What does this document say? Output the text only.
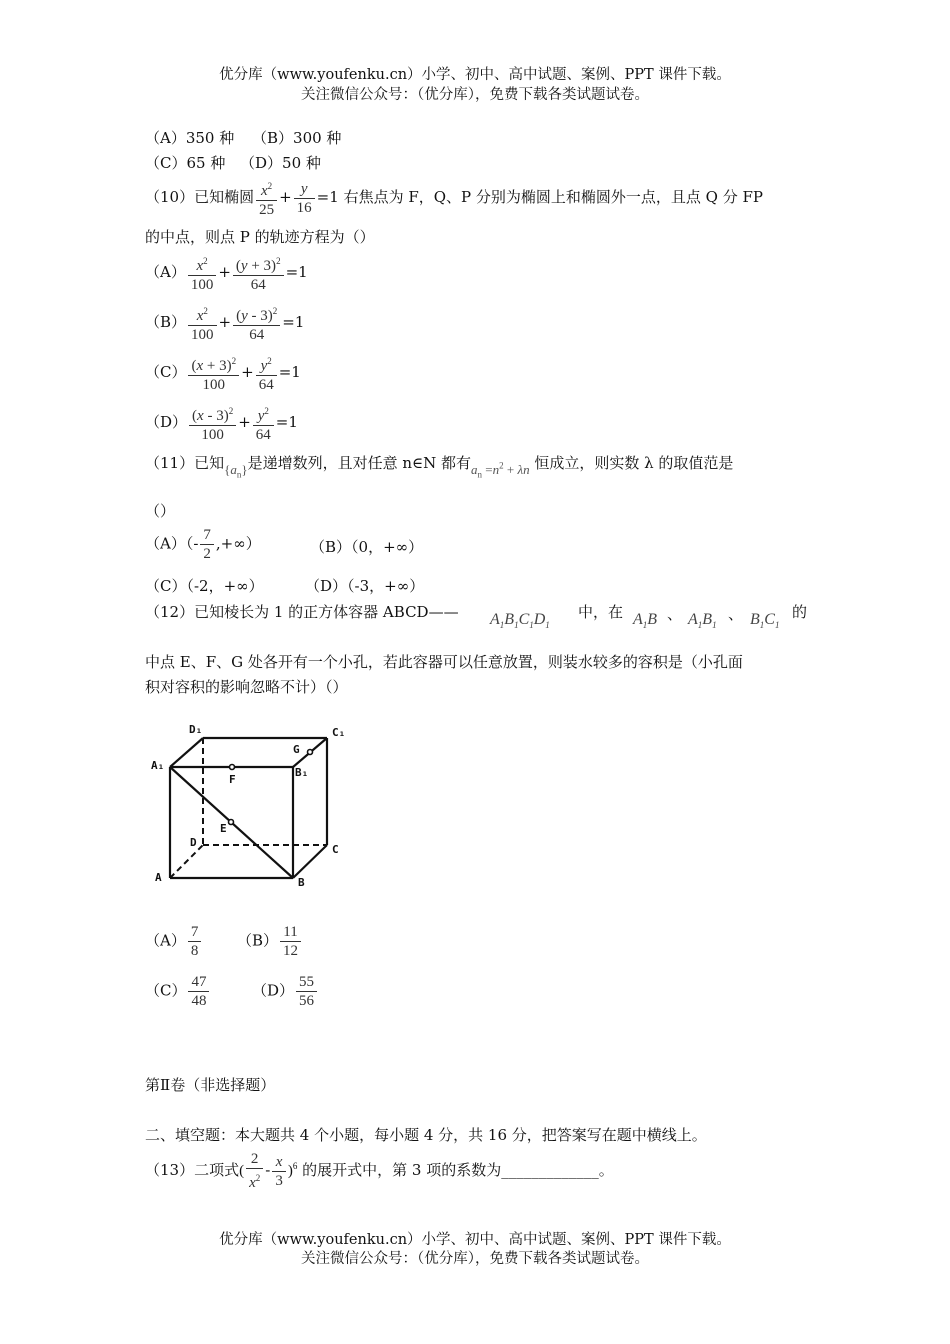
优分库（www.youfenku.cn）小学、初中、高中试题、案例、PPT 课件下载。
关注微信公众号：（优分库），免费下载各类试题试卷。
（A）350 种 （B）300 种
（C）65 种 （D）50 种
（10）已知椭圆 $\frac{x^2}{25} + \frac{y}{16} =1$ 右焦点为 F，Q、P 分别为椭圆上和椭圆外一点，且点 Q 分 FP
的中点，则点 P 的轨迹方程为（）
$(A) \frac{x^2}{100} + \frac{(y + 3)^2}{64} =1$
$(B) \frac{x^2}{100} + \frac{(y - 3)^2}{64} =1$
$(C) \frac{(x + 3)^2}{100} + \frac{y^2}{64} =1$
$(D) \frac{(x - 3)^2}{100} + \frac{y^2}{64} =1$
（11）已知$\{a_n\}$是递增数列，且对任意 n∈N 都有$a_n =n^2 + \lambda n$ 恒成立，则实数 λ 的取值范是
（）
$(A)(- \frac{7}{2}$ ,+∞）	（B）（0，+∞）
（C）（-2，+∞）	（D）（-3，+∞）
（12）已知棱长为 1 的正方体容器 ABCD—— $A_1B_1C_1D_1$
中，在 $A_1B$ 、 $A_1B_1$
、 $B_1C_1$
的
中点 E、F、G 处各开有一个小孔，若此容器可以任意放置，则装水较多的容积是（小孔面
积对容积的影响忽略不计）（）
D₁	C₁
G
A₁
F
B₁
E
D
C
A	B
$(A) \frac{7}{8} (B) \frac{11}{12}$
$(C) \frac{47}{48}$	$(D) \frac{55}{56}$
第Ⅱ卷（非选择题）
二、填空题：本大题共 4 个小题，每小题 4 分，共 16 分，把答案写在题中横线上。
（13）二项式( $\frac{2}{x^2} - \frac{x}{3} )^6$ 的展开式中，第 3 项的系数为_____________。
优分库（www.youfenku.cn）小学、初中、高中试题、案例、PPT 课件下载。
关注微信公众号：（优分库），免费下载各类试题试卷。
